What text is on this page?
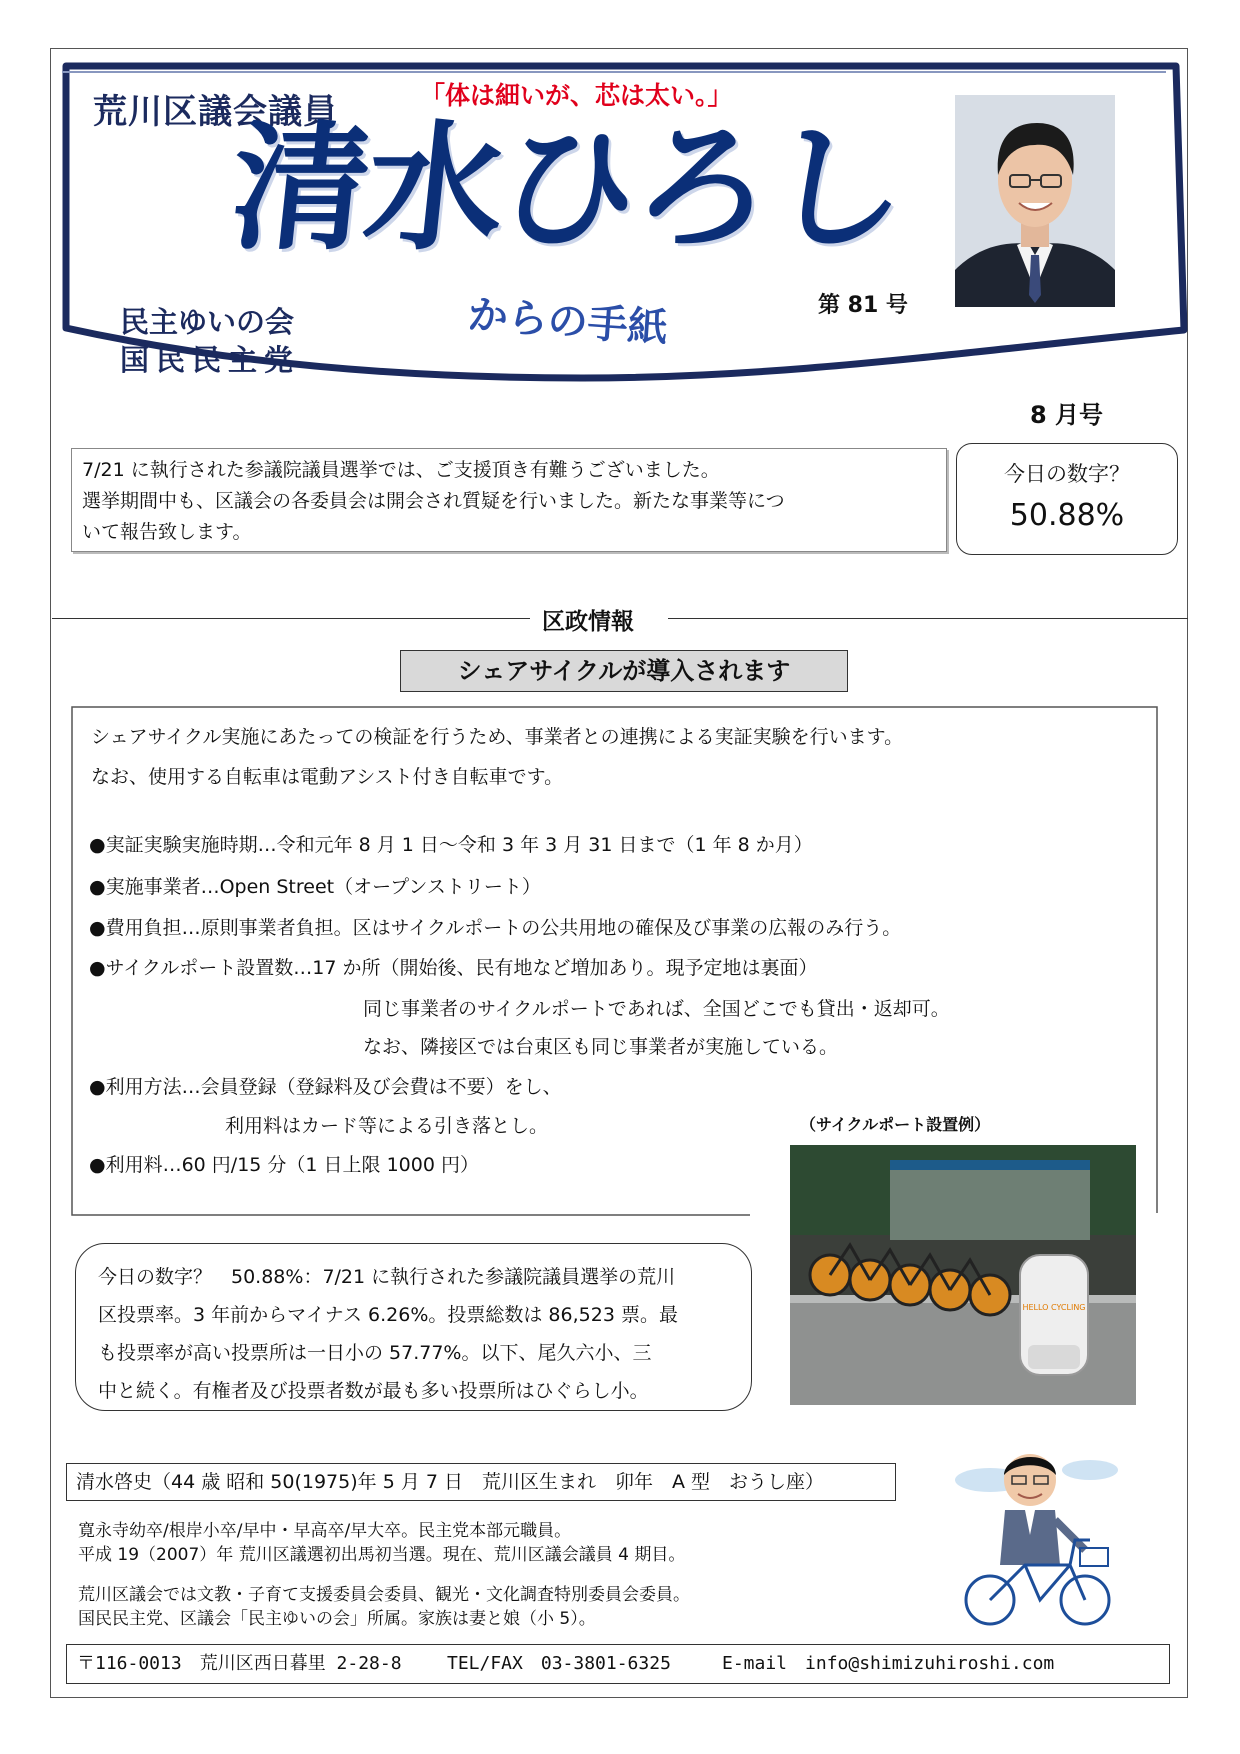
荒川区議会議員	「体は細いが、芯は太い。」
清水ひろし
からの手紙	第 81 号
民主ゆいの会
国民民主党
8 月号
7/21 に執行された参議院議員選挙では、ご支援頂き有難うございました。
選挙期間中も、区議会の各委員会は開会され質疑を行いました。新たな事業等につ
いて報告致します。
今日の数字？
50.88%
区政情報
シェアサイクルが導入されます
シェアサイクル実施にあたっての検証を行うため、事業者との連携による実証実験を行います。
なお、使用する自転車は電動アシスト付き自転車です。
●実証実験実施時期…令和元年 8 月 1 日～令和 3 年 3 月 31 日まで（1 年 8 か月）
●実施事業者…Open Street（オープンストリート）
●費用負担…原則事業者負担。区はサイクルポートの公共用地の確保及び事業の広報のみ行う。
●サイクルポート設置数…17 か所（開始後、民有地など増加あり。現予定地は裏面）
同じ事業者のサイクルポートであれば、全国どこでも貸出・返却可。
なお、隣接区では台東区も同じ事業者が実施している。
●利用方法…会員登録（登録料及び会費は不要）をし、
利用料はカード等による引き落とし。
●利用料…60 円/15 分（1 日上限 1000 円）
今日の数字？　50.88%：7/21 に執行された参議院議員選挙の荒川
区投票率。3 年前からマイナス 6.26%。投票総数は 86,523 票。最
も投票率が高い投票所は一日小の 57.77%。以下、尾久六小、三
中と続く。有権者及び投票者数が最も多い投票所はひぐらし小。
（サイクルポート設置例）
HELLO CYCLING
清水啓史（44 歳 昭和 50(1975)年 5 月 7 日　荒川区生まれ　卯年　A 型　おうし座）
寛永寺幼卒/根岸小卒/早中・早高卒/早大卒。民主党本部元職員。
平成 19（2007）年 荒川区議選初出馬初当選。現在、荒川区議会議員 4 期目。
荒川区議会では文教・子育て支援委員会委員、観光・文化調査特別委員会委員。
国民民主党、区議会「民主ゆいの会」所属。家族は妻と娘（小 5）。
〒116-0013　荒川区西日暮里 2-28-8	TEL/FAX　03-3801-6325	E-mail　info@shimizuhiroshi.com
